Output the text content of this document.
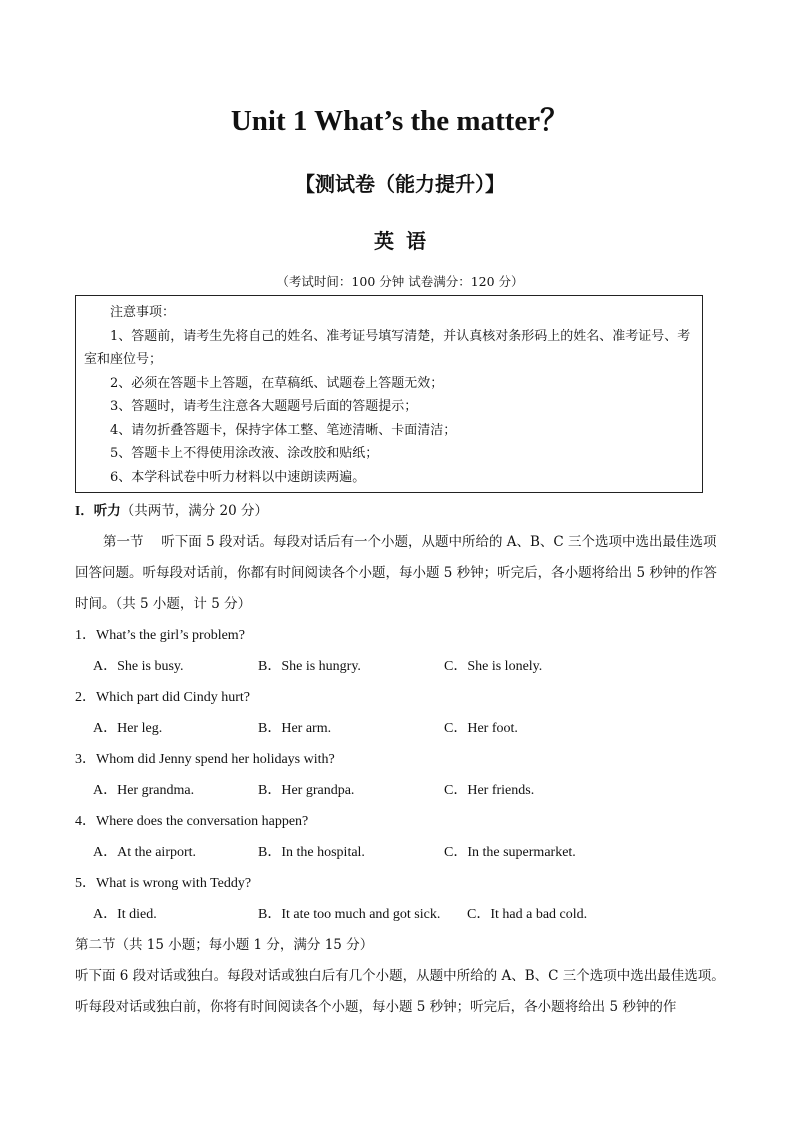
Unit 1 What’s the matter？
【测试卷（能力提升）】
英语
（考试时间：100 分钟 试卷满分：120 分）
注意事项：
1、答题前，请考生先将自己的姓名、准考证号填写清楚，并认真核对条形码上的姓名、准考证号、考室和座位号；
2、必须在答题卡上答题，在草稿纸、试题卷上答题无效；
3、答题时，请考生注意各大题题号后面的答题提示；
4、请勿折叠答题卡，保持字体工整、笔迹清晰、卡面清洁；
5、答题卡上不得使用涂改液、涂改胶和贴纸；
6、本学科试卷中听力材料以中速朗读两遍。
I．听力（共两节，满分 20 分）
第一节　 听下面 5 段对话。每段对话后有一个小题，从题中所给的 A、B、C 三个选项中选出最佳选项回答问题。听每段对话前，你都有时间阅读各个小题，每小题 5 秒钟；听完后，各小题将给出 5 秒钟的作答时间。（共 5 小题，计 5 分）
1．What’s the girl’s problem?
A．She is busy.	B．She is hungry.	C．She is lonely.
2．Which part did Cindy hurt?
A．Her leg.	B．Her arm.	C．Her foot.
3．Whom did Jenny spend her holidays with?
A．Her grandma.	B．Her grandpa.	C．Her friends.
4．Where does the conversation happen?
A．At the airport.	B．In the hospital.	C．In the supermarket.
5．What is wrong with Teddy?
A．It died.	B．It ate too much and got sick. C．It had a bad cold.
第二节（共 15 小题；每小题 1 分，满分 15 分）
听下面 6 段对话或独白。每段对话或独白后有几个小题，从题中所给的 A、B、C 三个选项中选出最佳选项。听每段对话或独白前，你将有时间阅读各个小题，每小题 5 秒钟；听完后，各小题将给出 5 秒钟的作
